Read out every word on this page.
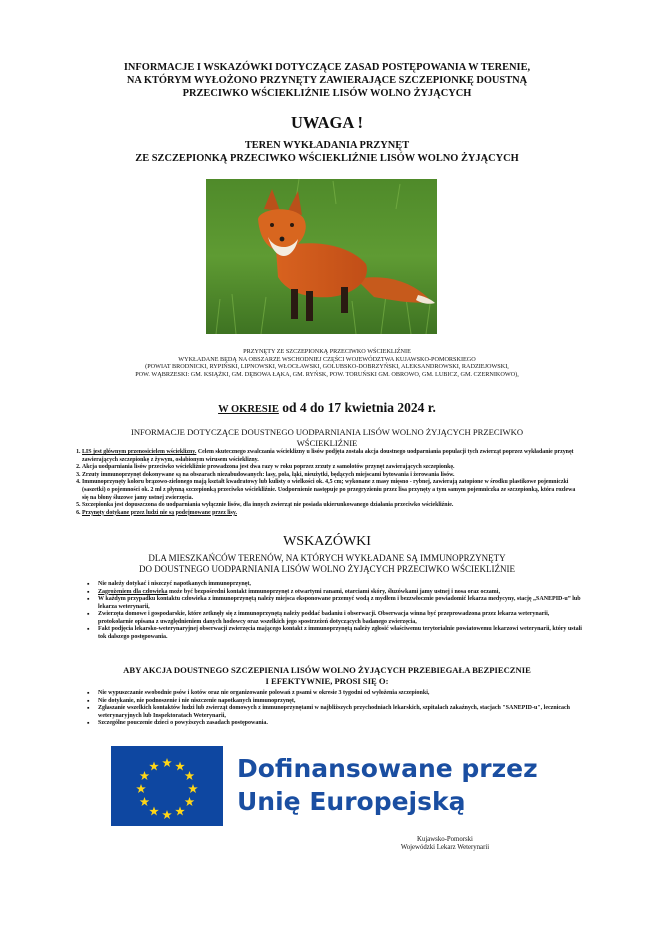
INFORMACJE I WSKAZÓWKI DOTYCZĄCE ZASAD POSTĘPOWANIA W TERENIE,
NA KTÓRYM WYŁOŻONO PRZYNĘTY ZAWIERAJĄCE SZCZEPIONKĘ DOUSTNĄ
PRZECIWKO WŚCIEKLIŹNIE LISÓW WOLNO ŻYJĄCYCH
UWAGA !
TEREN WYKŁADANIA PRZYNĘT
ZE SZCZEPIONKĄ PRZECIWKO WŚCIEKLIŹNIE LISÓW WOLNO ŻYJĄCYCH
PRZYNĘTY ZE SZCZEPIONKĄ PRZECIWKO WŚCIEKLIŹNIE
WYKŁADANE BĘDĄ NA OBSZARZE WSCHODNIEJ CZĘŚCI WOJEWÓDZTWA KUJAWSKO-POMORSKIEGO
(POWIAT BRODNICKI, RYPIŃSKI, LIPNOWSKI, WŁOCŁAWSKI, GOLUBSKO-DOBRZYŃSKI, ALEKSANDROWSKI, RADZIEJOWSKI,
POW. WĄBRZESKI: GM. KSIĄŻKI, GM. DĘBOWA ŁĄKA, GM. RYŃSK, POW. TORUŃSKI GM. OBROWO, GM. LUBICZ, GM. CZERNIKOWO),
W OKRESIE od 4 do 17 kwietnia 2024 r.
INFORMACJE DOTYCZĄCE DOUSTNEGO UODPARNIANIA LISÓW WOLNO ŻYJĄCYCH PRZECIWKO
WŚCIEKLIŹNIE
1. LIS jest głównym przenosicielem wścieklizny. Celem skutecznego zwalczania wścieklizny u lisów podjęta została akcja doustnego uodparniania populacji tych zwierząt poprzez wykładanie przynęt zawierających szczepionkę z żywym, osłabionym wirusem wścieklizny.
2. Akcja uodparniania lisów przeciwko wściekliźnie prowadzona jest dwa razy w roku poprzez zrzuty z samolotów przynęt zawierających szczepionkę.
3. Zrzuty immunoprzynęt dokonywane są na obszarach niezabudowanych: lasy, pola, łąki, nieużytki, będących miejscami bytowania i żerowania lisów.
4. Immunoprzynęty koloru brązowo-zielonego mają kształt kwadratowy lub kulisty o wielkości ok. 4,5 cm; wykonane z masy mięsno - rybnej, zawierają zatopione w środku plastikowe pojemniczki (saszetki) o pojemności ok. 2 ml z płynną szczepionką przeciwko wściekliźnie. Uodpornienie następuje po przegryzieniu przez lisa przynęty a tym samym pojemniczka ze szczepionką, która rozlewa się na błony śluzowe jamy ustnej zwierzęcia.
5. Szczepionka jest dopuszczona do uodparniania wyłącznie lisów, dla innych zwierząt nie posiada ukierunkowanego działania przeciwko wściekliźnie.
6. Przynęty dotykane przez ludzi nie są podejmowane przez lisy.
WSKAZÓWKI
DLA MIESZKAŃCÓW TERENÓW, NA KTÓRYCH WYKŁADANE SĄ IMMUNOPRZYNĘTY
DO DOUSTNEGO UODPARNIANIA LISÓW WOLNO ŻYJĄCYCH PRZECIWKO WŚCIEKLIŹNIE
▪ Nie należy dotykać i niszczyć napotkanych immunoprzynęt,
▪ Zagrożeniem dla człowieka może być bezpośredni kontakt immunoprzynęt z otwartymi ranami, otarciami skóry, śluzówkami jamy ustnej i nosa oraz oczami,
▪ W każdym przypadku kontaktu człowieka z immunoprzynętą należy miejsca eksponowane przemyć wodą z mydłem i bezzwłocznie powiadomić lekarza medycyny, stację „SANEPID-u” lub lekarza weterynarii,
▪ Zwierzęta domowe i gospodarskie, które zetknęły się z immunoprzynętą należy poddać badaniu i obserwacji. Obserwacja winna być przeprowadzona przez lekarza weterynarii, protokolarnie opisana z uwzględnieniem danych hodowcy oraz wszelkich jego spostrzeżeń dotyczących badanego zwierzęcia,
▪ Fakt podjęcia lekarsko-weterynaryjnej obserwacji zwierzęcia mającego kontakt z immunoprzynętą należy zgłosić właściwemu terytorialnie powiatowemu lekarzowi weterynarii, który ustali tok dalszego postępowania.
ABY AKCJA DOUSTNEGO SZCZEPIENIA LISÓW WOLNO ŻYJĄCYCH PRZEBIEGAŁA BEZPIECZNIE
I EFEKTYWNIE, PROSI SIĘ O:
▪ Nie wypuszczanie swobodnie psów i kotów oraz nie organizowanie polowań z psami w okresie 3 tygodni od wyłożenia szczepionki,
▪ Nie dotykanie, nie podnoszenie i nie niszczenie napotkanych immunoprzynęt,
▪ Zgłaszanie wszelkich kontaktów ludzi lub zwierząt domowych z immunoprzynętami w najbliższych przychodniach lekarskich, szpitalach zakaźnych, stacjach "SANEPID-u", lecznicach weterynaryjnych lub Inspektoratach Weterynarii,
▪ Szczególne pouczenie dzieci o powyższych zasadach postępowania.
Dofinansowane przez
Unię Europejską
Kujawsko-Pomorski
Wojewódzki Lekarz Weterynarii
